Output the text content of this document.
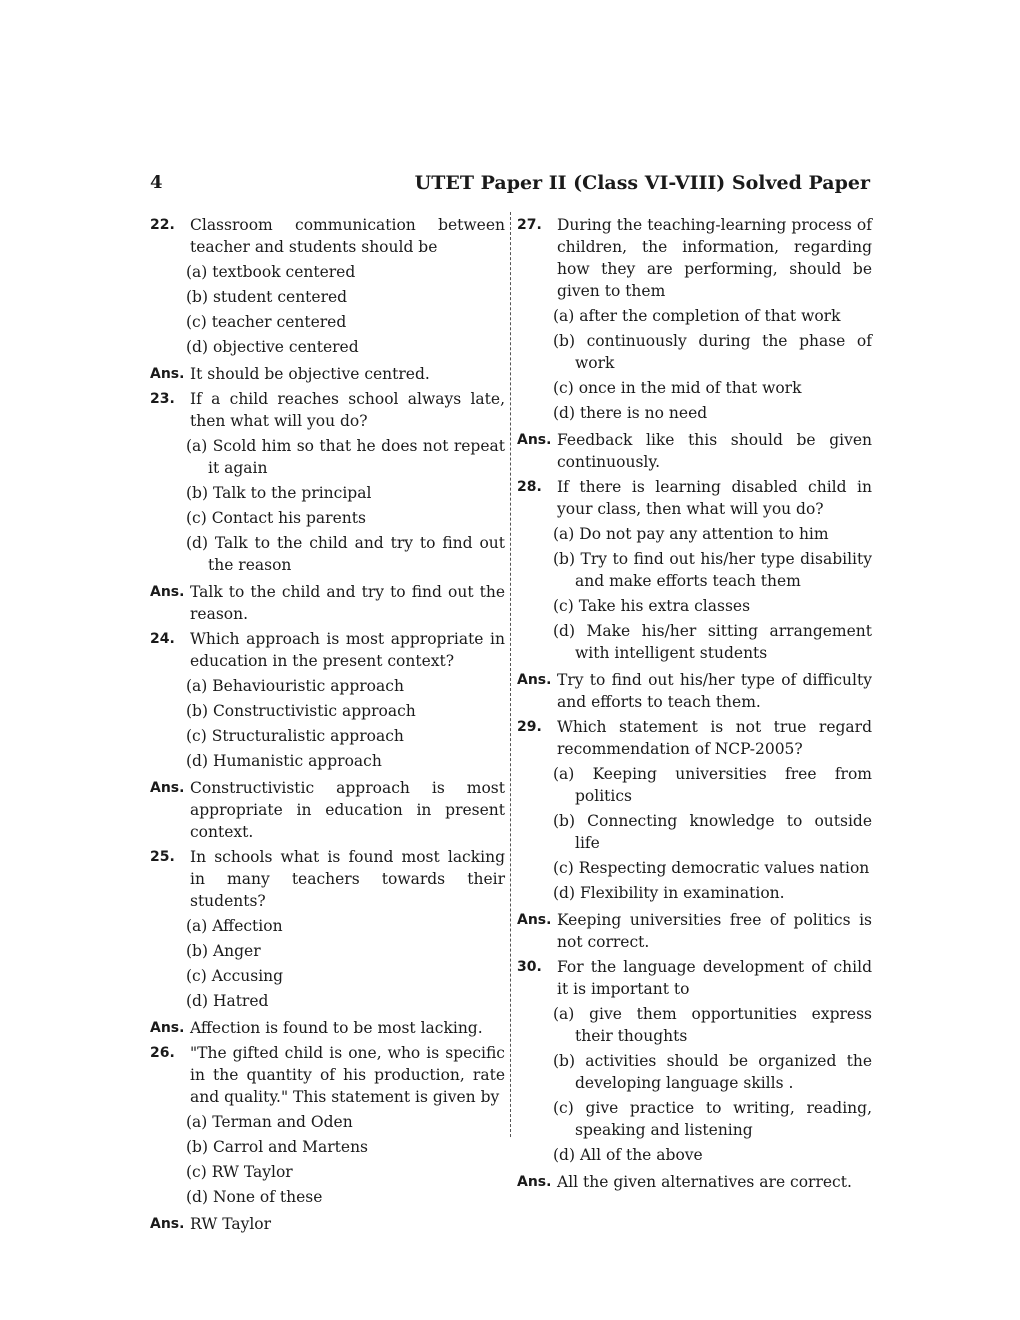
4	UTET Paper II (Class VI-VIII) Solved Paper
22. Classroom communication between teacher and students should be
(a) textbook centered
(b) student centered
(c) teacher centered
(d) objective centered
Ans. It should be objective centred.
23. If a child reaches school always late, then what will you do?
(a) Scold him so that he does not repeat it again
(b) Talk to the principal
(c) Contact his parents
(d) Talk to the child and try to find out the reason
Ans. Talk to the child and try to find out the reason.
24. Which approach is most appropriate in education in the present context?
(a) Behaviouristic approach
(b) Constructivistic approach
(c) Structuralistic approach
(d) Humanistic approach
Ans. Constructivistic approach is most appropriate in education in present context.
25. In schools what is found most lacking in many teachers towards their students?
(a) Affection
(b) Anger
(c) Accusing
(d) Hatred
Ans. Affection is found to be most lacking.
26. "The gifted child is one, who is specific in the quantity of his production, rate and quality." This statement is given by
(a) Terman and Oden
(b) Carrol and Martens
(c) RW Taylor
(d) None of these
Ans. RW Taylor
27. During the teaching-learning process of children, the information, regarding how they are performing, should be given to them
(a) after the completion of that work
(b) continuously during the phase of work
(c) once in the mid of that work
(d) there is no need
Ans. Feedback like this should be given continuously.
28. If there is learning disabled child in your class, then what will you do?
(a) Do not pay any attention to him
(b) Try to find out his/her type disability and make efforts teach them
(c) Take his extra classes
(d) Make his/her sitting arrangement with intelligent students
Ans. Try to find out his/her type of difficulty and efforts to teach them.
29. Which statement is not true regard recommendation of NCP-2005?
(a) Keeping universities free from politics
(b) Connecting knowledge to outside life
(c) Respecting democratic values nation
(d) Flexibility in examination.
Ans. Keeping universities free of politics is not correct.
30. For the language development of child it is important to
(a) give them opportunities express their thoughts
(b) activities should be organized the developing language skills .
(c) give practice to writing, reading, speaking and listening
(d) All of the above
Ans. All the given alternatives are correct.
